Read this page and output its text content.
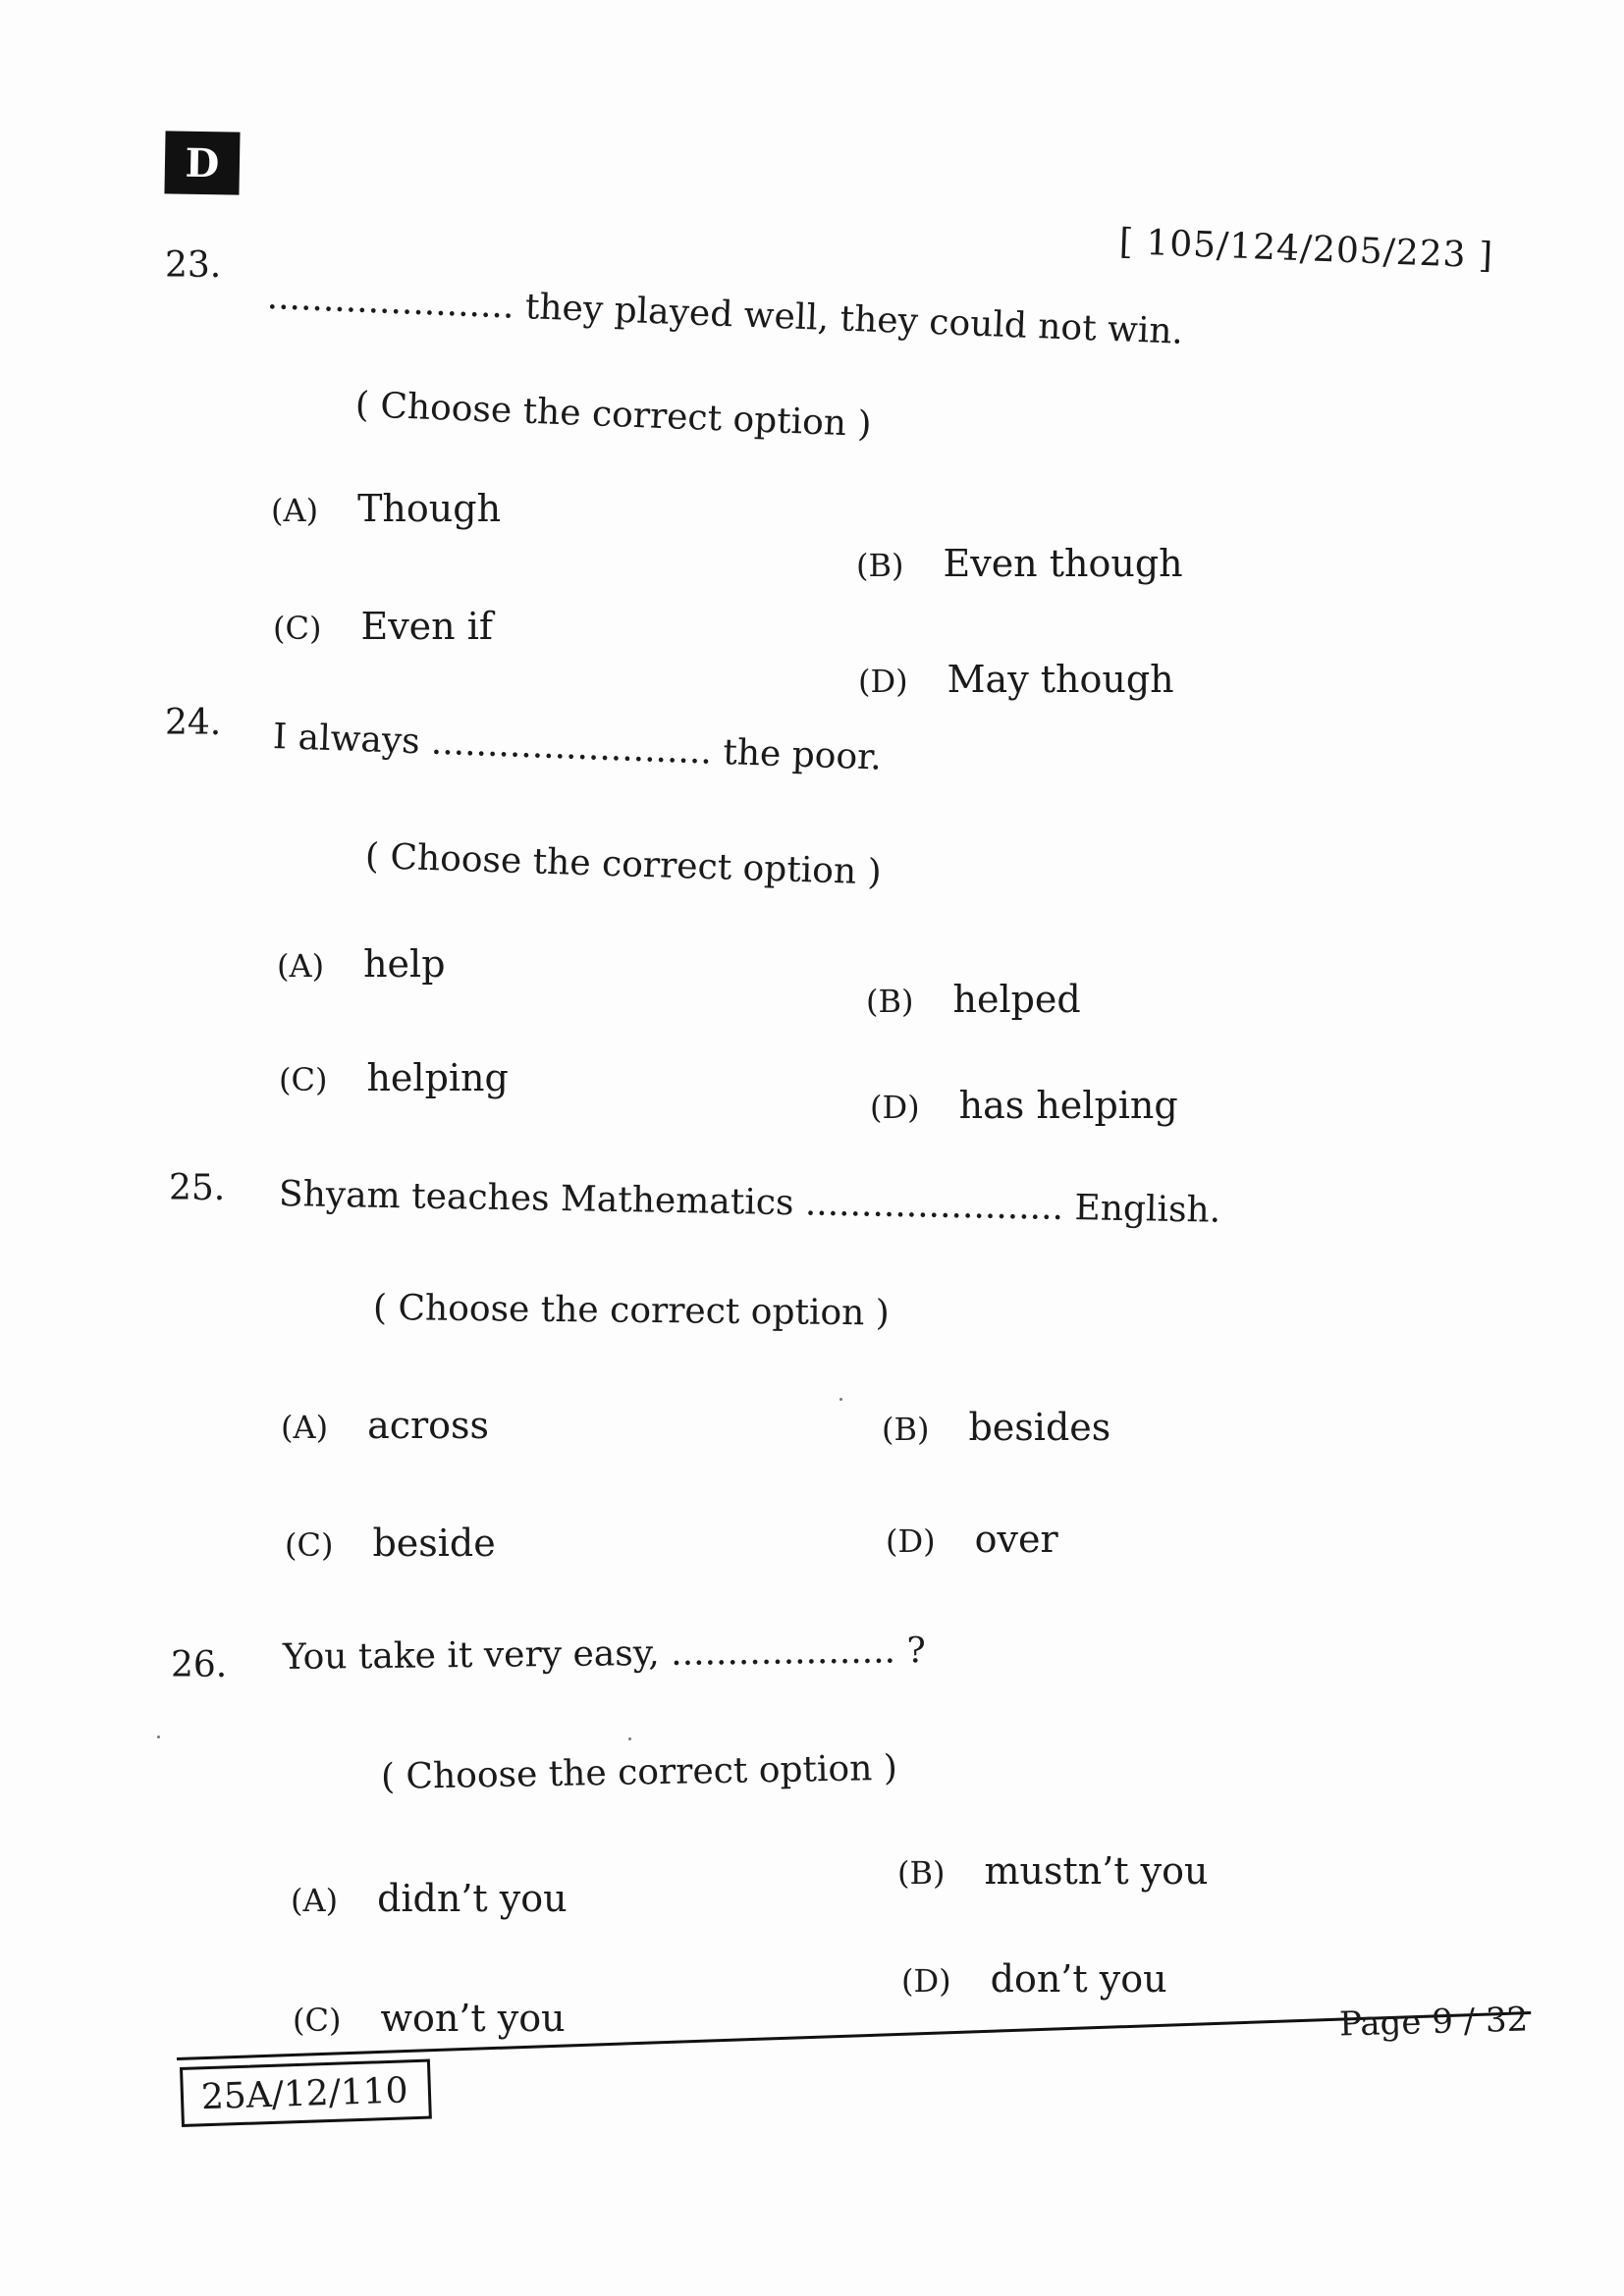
D
[ 105/124/205/223 ]
23.
...................... they played well, they could not win.
( Choose the correct option )
(A) Though
(B) Even though
(C) Even if
(D) May though
24. I always ......................... the poor.
( Choose the correct option )
(A) help
(B) helped
(C) helping
(D) has helping
25. Shyam teaches Mathematics ....................... English.
( Choose the correct option )
(A) across	(B) besides
(C) beside	(D) over
26. You take it very easy, .................... ?
( Choose the correct option )
(A) didn’t you
(B) mustn’t you
(C) won’t you
(D) don’t you
Page 9 / 32
25A/12/110
